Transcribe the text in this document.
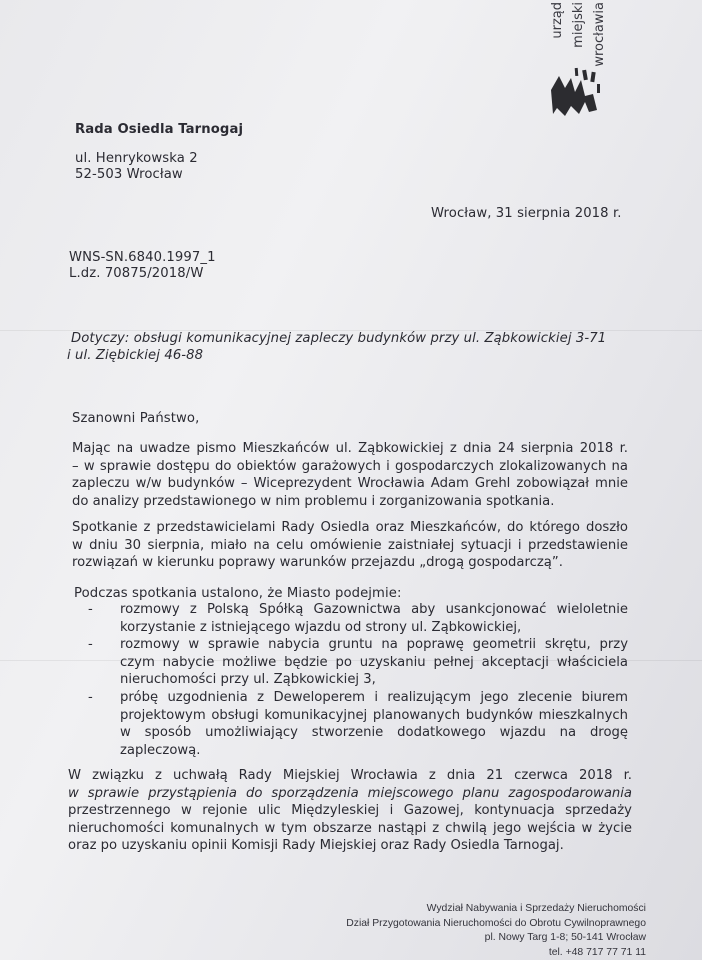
urząd miejski wrocławia
Rada Osiedla Tarnogaj
ul. Henrykowska 2
52-503 Wrocław
Wrocław, 31 sierpnia 2018 r.
WNS-SN.6840.1997_1
L.dz. 70875/2018/W
Dotyczy: obsługi komunikacyjnej zapleczy budynków przy ul. Ząbkowickiej 3-71
i ul. Ziębickiej 46-88
Szanowni Państwo,
Mając na uwadze pismo Mieszkańców ul. Ząbkowickiej z dnia 24 sierpnia 2018 r.
– w sprawie dostępu do obiektów garażowych i gospodarczych zlokalizowanych na
zapleczu w/w budynków – Wiceprezydent Wrocławia Adam Grehl zobowiązał mnie
do analizy przedstawionego w nim problemu i zorganizowania spotkania.
Spotkanie z przedstawicielami Rady Osiedla oraz Mieszkańców, do którego doszło
w dniu 30 sierpnia, miało na celu omówienie zaistniałej sytuacji i przedstawienie
rozwiązań w kierunku poprawy warunków przejazdu „drogą gospodarczą”.
Podczas spotkania ustalono, że Miasto podejmie:
- rozmowy z Polską Spółką Gazownictwa aby usankcjonować wieloletnie
korzystanie z istniejącego wjazdu od strony ul. Ząbkowickiej,
- rozmowy w sprawie nabycia gruntu na poprawę geometrii skrętu, przy
czym nabycie możliwe będzie po uzyskaniu pełnej akceptacji właściciela
nieruchomości przy ul. Ząbkowickiej 3,
- próbę uzgodnienia z Deweloperem i realizującym jego zlecenie biurem
projektowym obsługi komunikacyjnej planowanych budynków mieszkalnych
w sposób umożliwiający stworzenie dodatkowego wjazdu na drogę
zapleczową.
W związku z uchwałą Rady Miejskiej Wrocławia z dnia 21 czerwca 2018 r.
w sprawie przystąpienia do sporządzenia miejscowego planu zagospodarowania
przestrzennego w rejonie ulic Międzyleskiej i Gazowej, kontynuacja sprzedaży
nieruchomości komunalnych w tym obszarze nastąpi z chwilą jego wejścia w życie
oraz po uzyskaniu opinii Komisji Rady Miejskiej oraz Rady Osiedla Tarnogaj.
Wydział Nabywania i Sprzedaży Nieruchomości
Dział Przygotowania Nieruchomości do Obrotu Cywilnoprawnego
pl. Nowy Targ 1-8; 50-141 Wrocław
tel. +48 717 77 71 11
